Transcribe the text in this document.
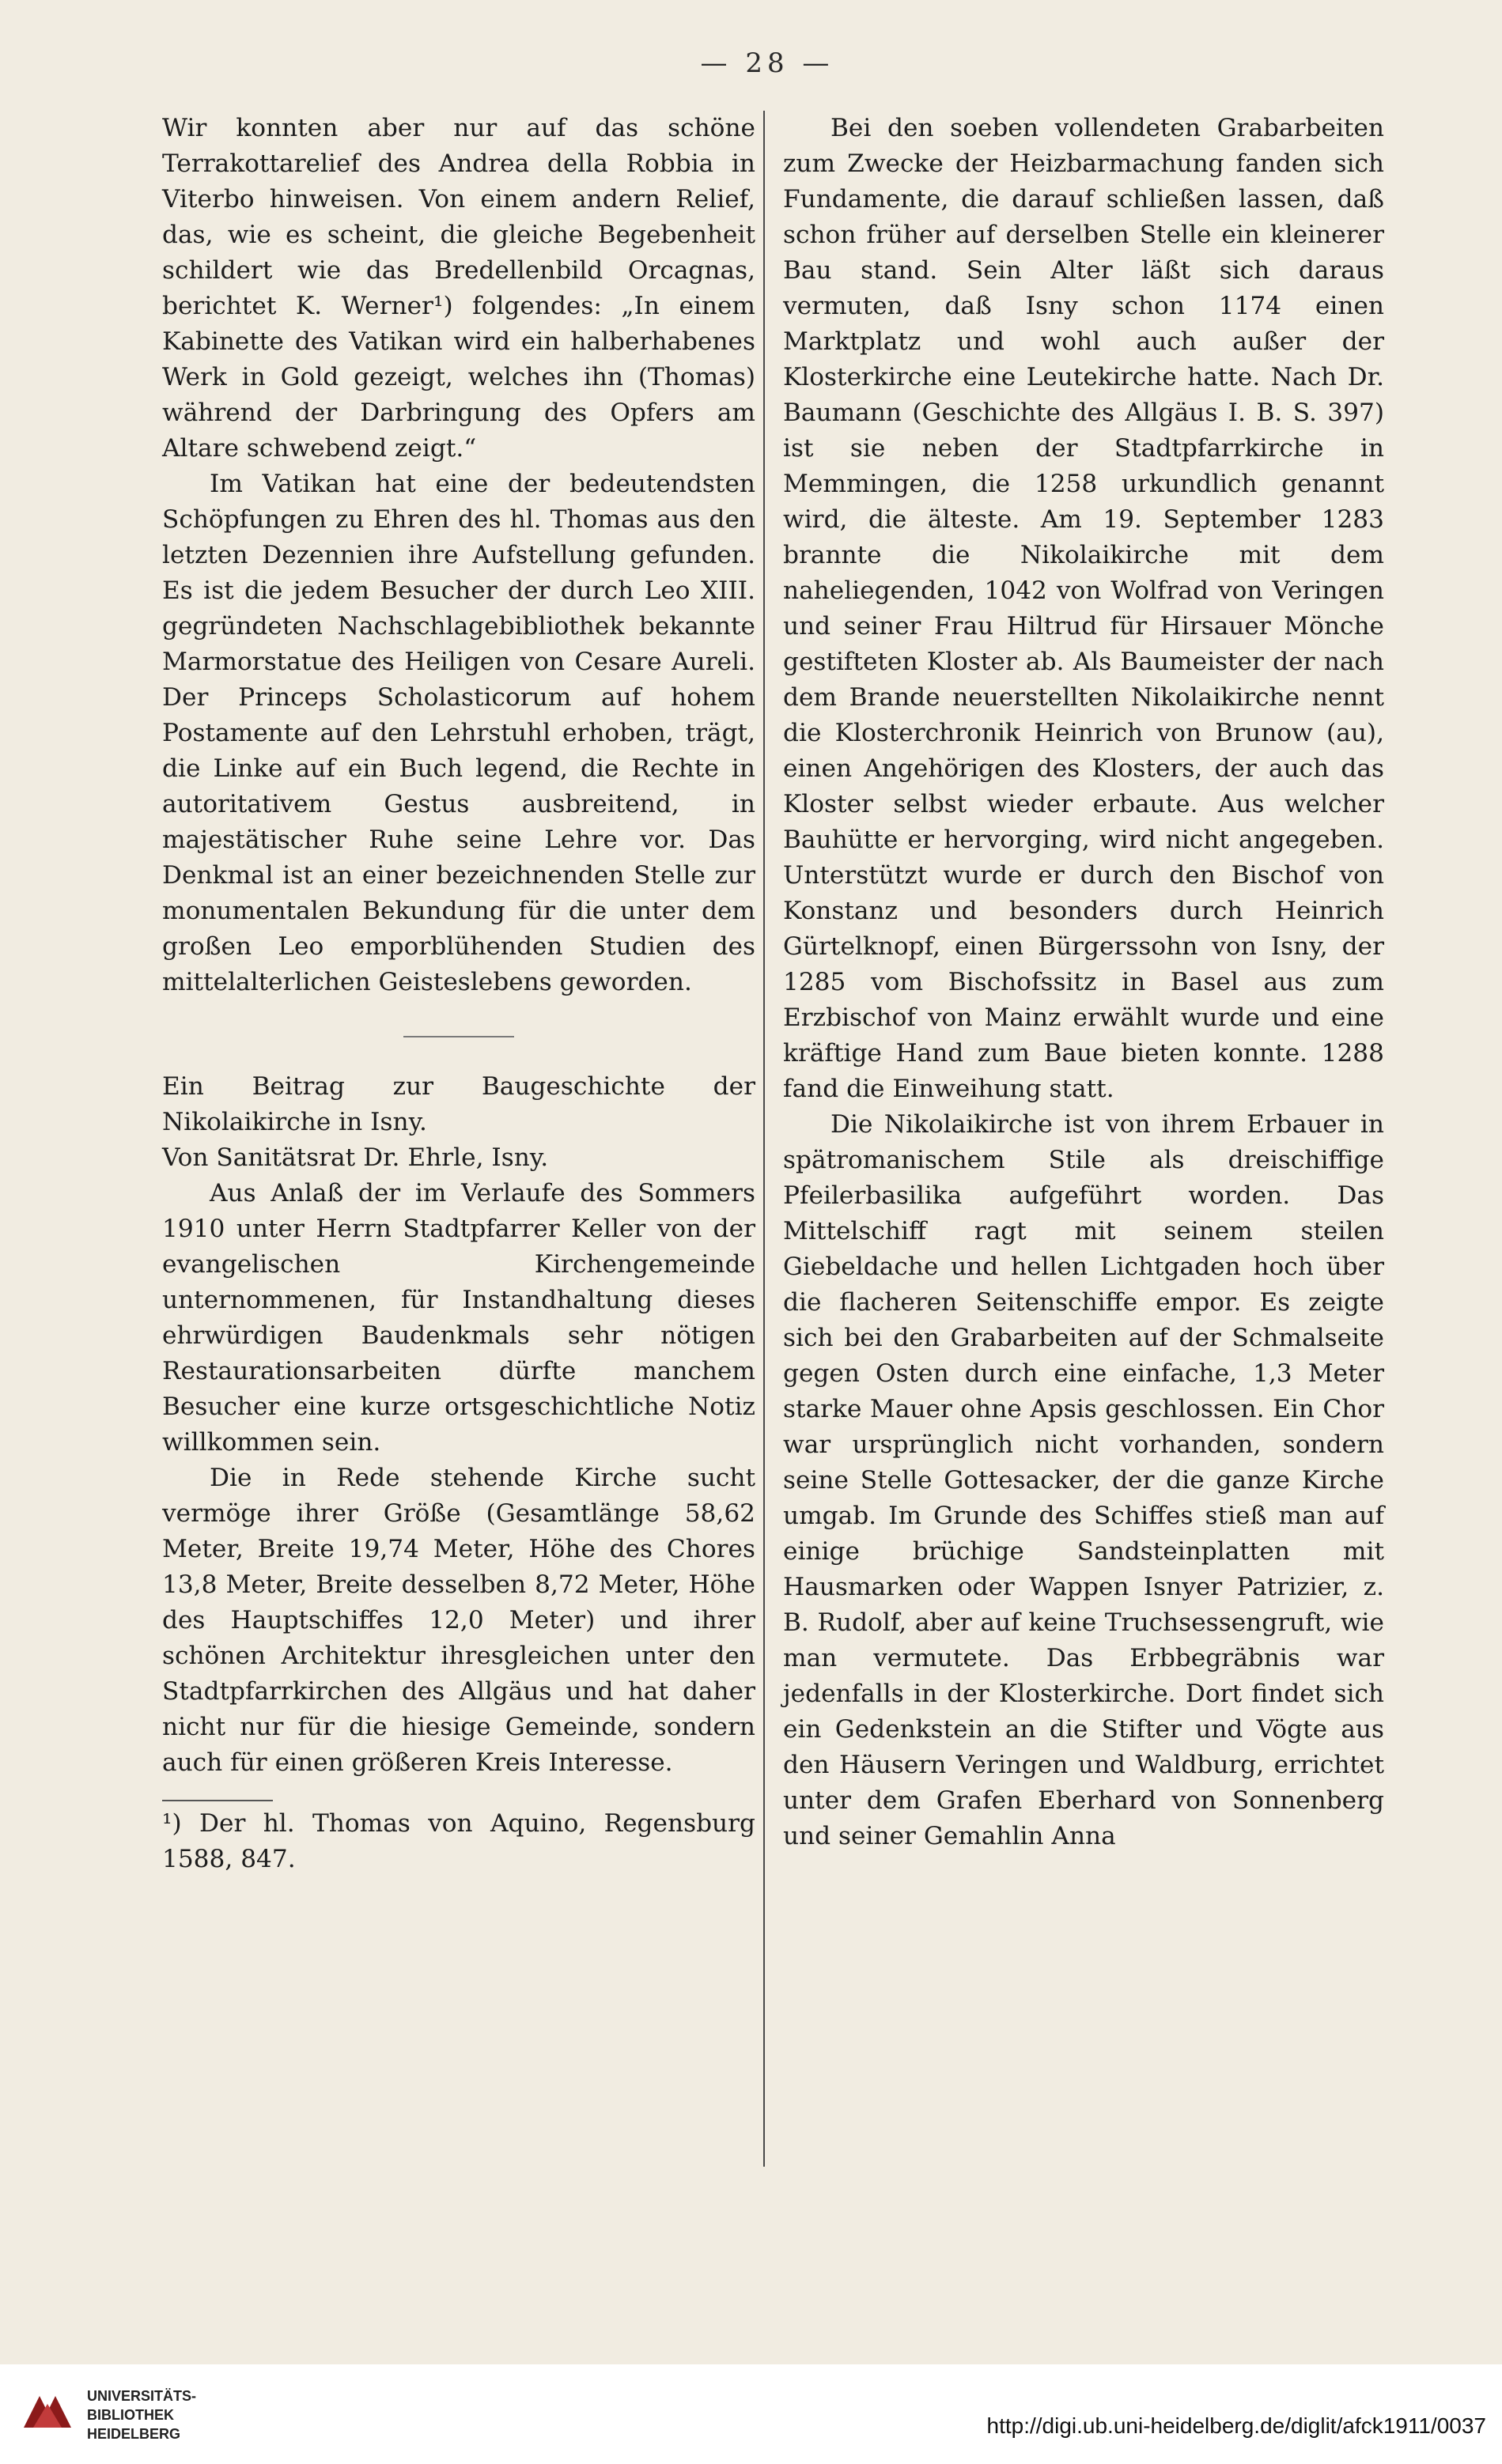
— 28 —

Wir konnten aber nur auf das schöne Terrakottarelief des Andrea della Robbia in Viterbo hinweisen. Von einem andern Relief, das, wie es scheint, die gleiche Begebenheit schildert wie das Bredellenbild Orcagnas, berichtet K. Werner¹) folgendes: „In einem Kabinette des Vatikan wird ein halberhabenes Werk in Gold gezeigt, welches ihn (Thomas) während der Darbringung des Opfers am Altare schwebend zeigt.“

Im Vatikan hat eine der bedeutendsten Schöpfungen zu Ehren des hl. Thomas aus den letzten Dezennien ihre Aufstellung gefunden. Es ist die jedem Besucher der durch Leo XIII. gegründeten Nachschlagebibliothek bekannte Marmorstatue des Heiligen von Cesare Aureli. Der Princeps Scholasticorum auf hohem Postamente auf den Lehrstuhl erhoben, trägt, die Linke auf ein Buch legend, die Rechte in autoritativem Gestus ausbreitend, in majestätischer Ruhe seine Lehre vor. Das Denkmal ist an einer bezeichnenden Stelle zur monumentalen Bekundung für die unter dem großen Leo emporblühenden Studien des mittelalterlichen Geisteslebens geworden.

Ein Beitrag zur Baugeschichte der Nikolaikirche in Isny.

Von Sanitätsrat Dr. Ehrle, Isny.

Aus Anlaß der im Verlaufe des Sommers 1910 unter Herrn Stadtpfarrer Keller von der evangelischen Kirchengemeinde unternommenen, für Instandhaltung dieses ehrwürdigen Baudenkmals sehr nötigen Restaurationsarbeiten dürfte manchem Besucher eine kurze ortsgeschichtliche Notiz willkommen sein.

Die in Rede stehende Kirche sucht vermöge ihrer Größe (Gesamtlänge 58,62 Meter, Breite 19,74 Meter, Höhe des Chores 13,8 Meter, Breite desselben 8,72 Meter, Höhe des Hauptschiffes 12,0 Meter) und ihrer schönen Architektur ihresgleichen unter den Stadtpfarrkirchen des Allgäus und hat daher nicht nur für die hiesige Gemeinde, sondern auch für einen größeren Kreis Interesse.

¹) Der hl. Thomas von Aquino, Regensburg 1588, 847.

Bei den soeben vollendeten Grabarbeiten zum Zwecke der Heizbarmachung fanden sich Fundamente, die darauf schließen lassen, daß schon früher auf derselben Stelle ein kleinerer Bau stand. Sein Alter läßt sich daraus vermuten, daß Isny schon 1174 einen Marktplatz und wohl auch außer der Klosterkirche eine Leutekirche hatte. Nach Dr. Baumann (Geschichte des Allgäus I. B. S. 397) ist sie neben der Stadtpfarrkirche in Memmingen, die 1258 urkundlich genannt wird, die älteste. Am 19. September 1283 brannte die Nikolaikirche mit dem naheliegenden, 1042 von Wolfrad von Veringen und seiner Frau Hiltrud für Hirsauer Mönche gestifteten Kloster ab. Als Baumeister der nach dem Brande neuerstellten Nikolaikirche nennt die Klosterchronik Heinrich von Brunow (au), einen Angehörigen des Klosters, der auch das Kloster selbst wieder erbaute. Aus welcher Bauhütte er hervorging, wird nicht angegeben. Unterstützt wurde er durch den Bischof von Konstanz und besonders durch Heinrich Gürtelknopf, einen Bürgerssohn von Isny, der 1285 vom Bischofssitz in Basel aus zum Erzbischof von Mainz erwählt wurde und eine kräftige Hand zum Baue bieten konnte. 1288 fand die Einweihung statt.

Die Nikolaikirche ist von ihrem Erbauer in spätromanischem Stile als dreischiffige Pfeilerbasilika aufgeführt worden. Das Mittelschiff ragt mit seinem steilen Giebeldache und hellen Lichtgaden hoch über die flacheren Seitenschiffe empor. Es zeigte sich bei den Grabarbeiten auf der Schmalseite gegen Osten durch eine einfache, 1,3 Meter starke Mauer ohne Apsis geschlossen. Ein Chor war ursprünglich nicht vorhanden, sondern seine Stelle Gottesacker, der die ganze Kirche umgab. Im Grunde des Schiffes stieß man auf einige brüchige Sandsteinplatten mit Hausmarken oder Wappen Isnyer Patrizier, z. B. Rudolf, aber auf keine Truchsessengruft, wie man vermutete. Das Erbbegräbnis war jedenfalls in der Klosterkirche. Dort findet sich ein Gedenkstein an die Stifter und Vögte aus den Häusern Veringen und Waldburg, errichtet unter dem Grafen Eberhard von Sonnenberg und seiner Gemahlin Anna

UNIVERSITÄTS-
BIBLIOTHEK
HEIDELBERG	http://digi.ub.uni-heidelberg.de/diglit/afck1911/0037
